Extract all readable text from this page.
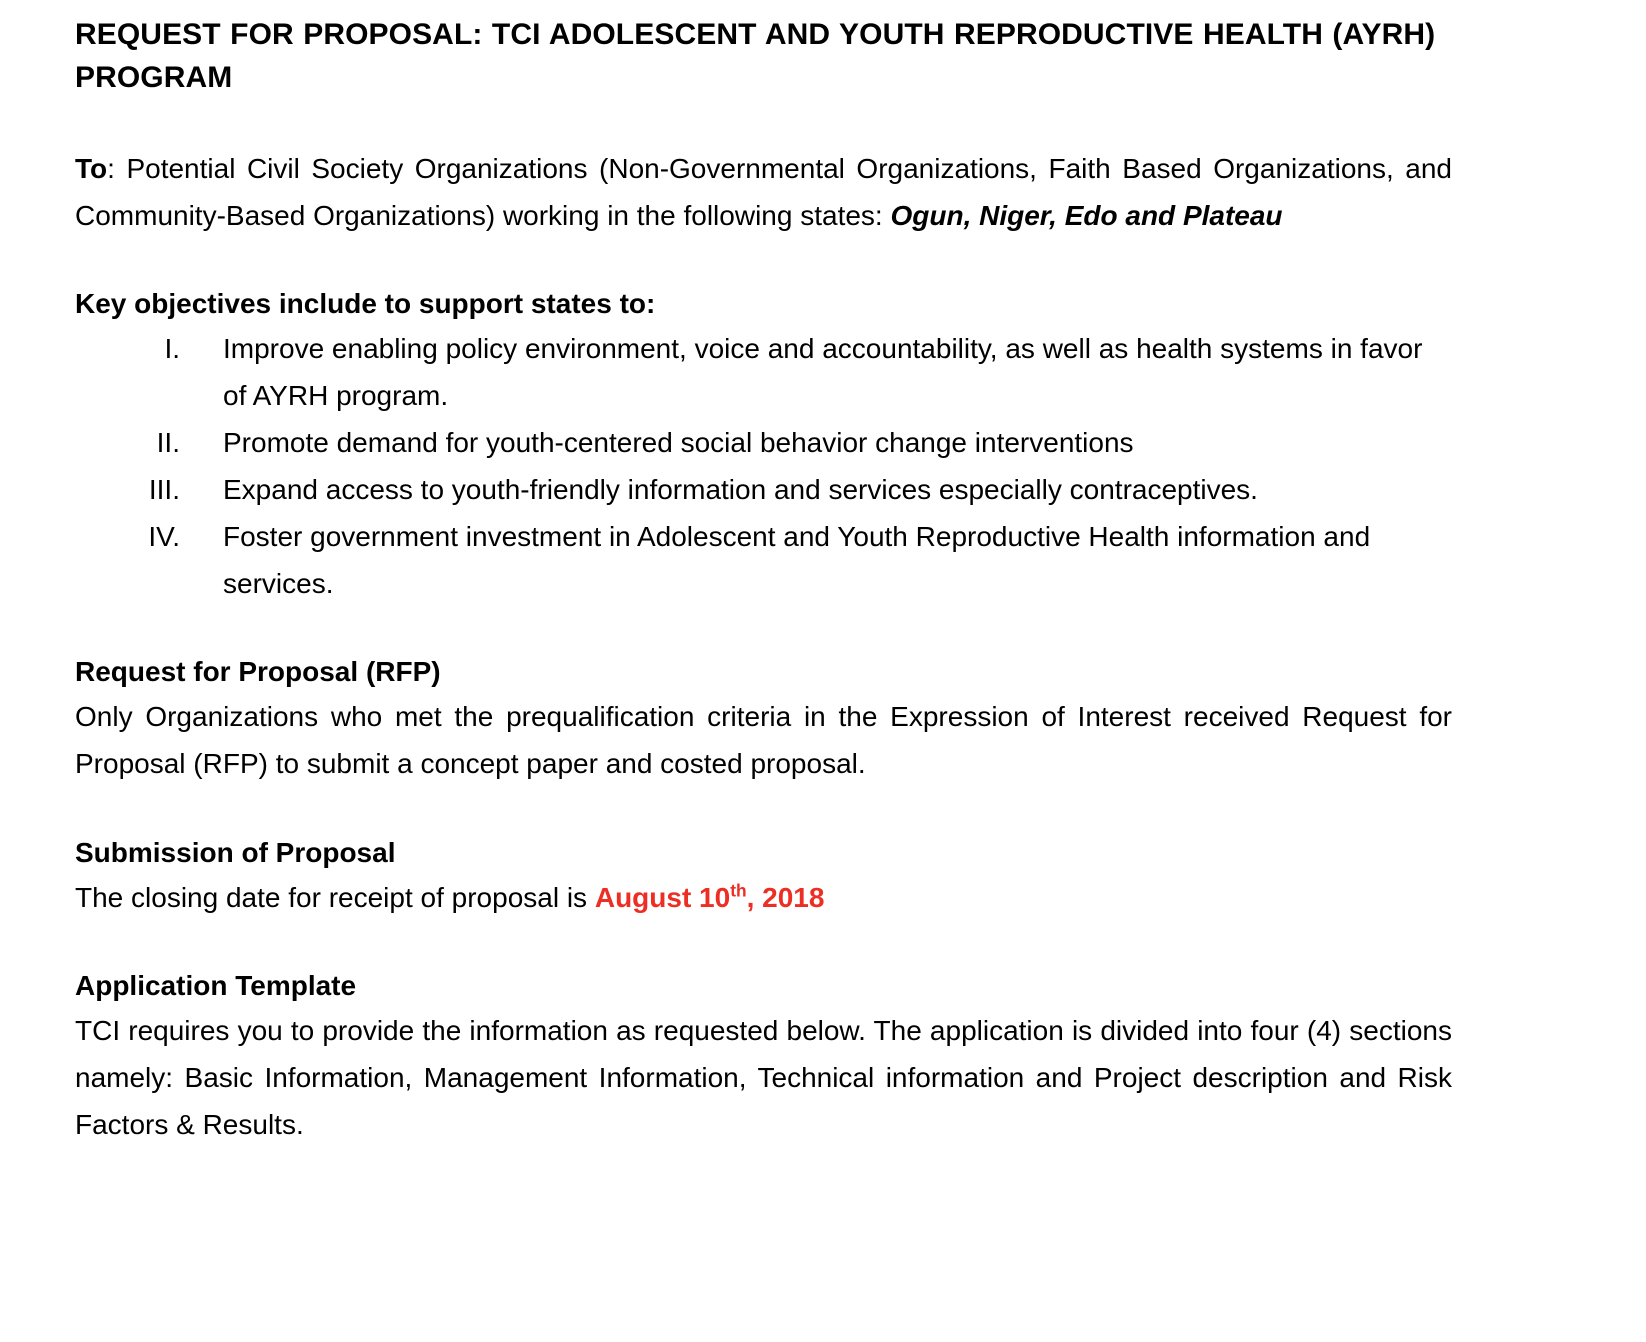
REQUEST FOR PROPOSAL: TCI ADOLESCENT AND YOUTH REPRODUCTIVE HEALTH (AYRH) PROGRAM

To: Potential Civil Society Organizations (Non-Governmental Organizations, Faith Based Organizations, and Community-Based Organizations) working in the following states: Ogun, Niger, Edo and Plateau

Key objectives include to support states to:
I.	Improve enabling policy environment, voice and accountability, as well as health systems in favor of AYRH program.
II.	Promote demand for youth-centered social behavior change interventions
III.	Expand access to youth-friendly information and services especially contraceptives.
IV.	Foster government investment in Adolescent and Youth Reproductive Health information and services.
Request for Proposal (RFP)

Only Organizations who met the prequalification criteria in the Expression of Interest received Request for Proposal (RFP) to submit a concept paper and costed proposal.

Submission of Proposal

The closing date for receipt of proposal is August 10th, 2018

Application Template

TCI requires you to provide the information as requested below. The application is divided into four (4) sections namely: Basic Information, Management Information, Technical information and Project description and Risk Factors & Results.
